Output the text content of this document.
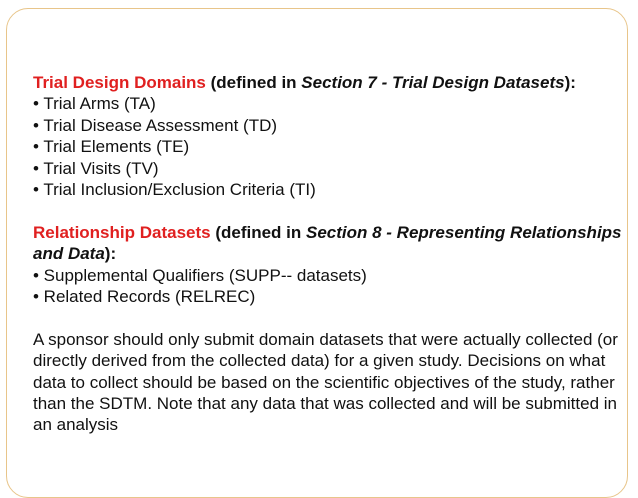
Trial Design Domains (defined in Section 7 - Trial Design Datasets):

• Trial Arms (TA)

• Trial Disease Assessment (TD)

• Trial Elements (TE)

• Trial Visits (TV)

• Trial Inclusion/Exclusion Criteria (TI)

Relationship Datasets (defined in Section 8 - Representing Relationships and Data):

• Supplemental Qualifiers (SUPP-- datasets)

• Related Records (RELREC)

A sponsor should only submit domain datasets that were actually collected (or directly derived from the collected data) for a given study. Decisions on what data to collect should be based on the scientific objectives of the study, rather than the SDTM. Note that any data that was collected and will be submitted in an analysis
